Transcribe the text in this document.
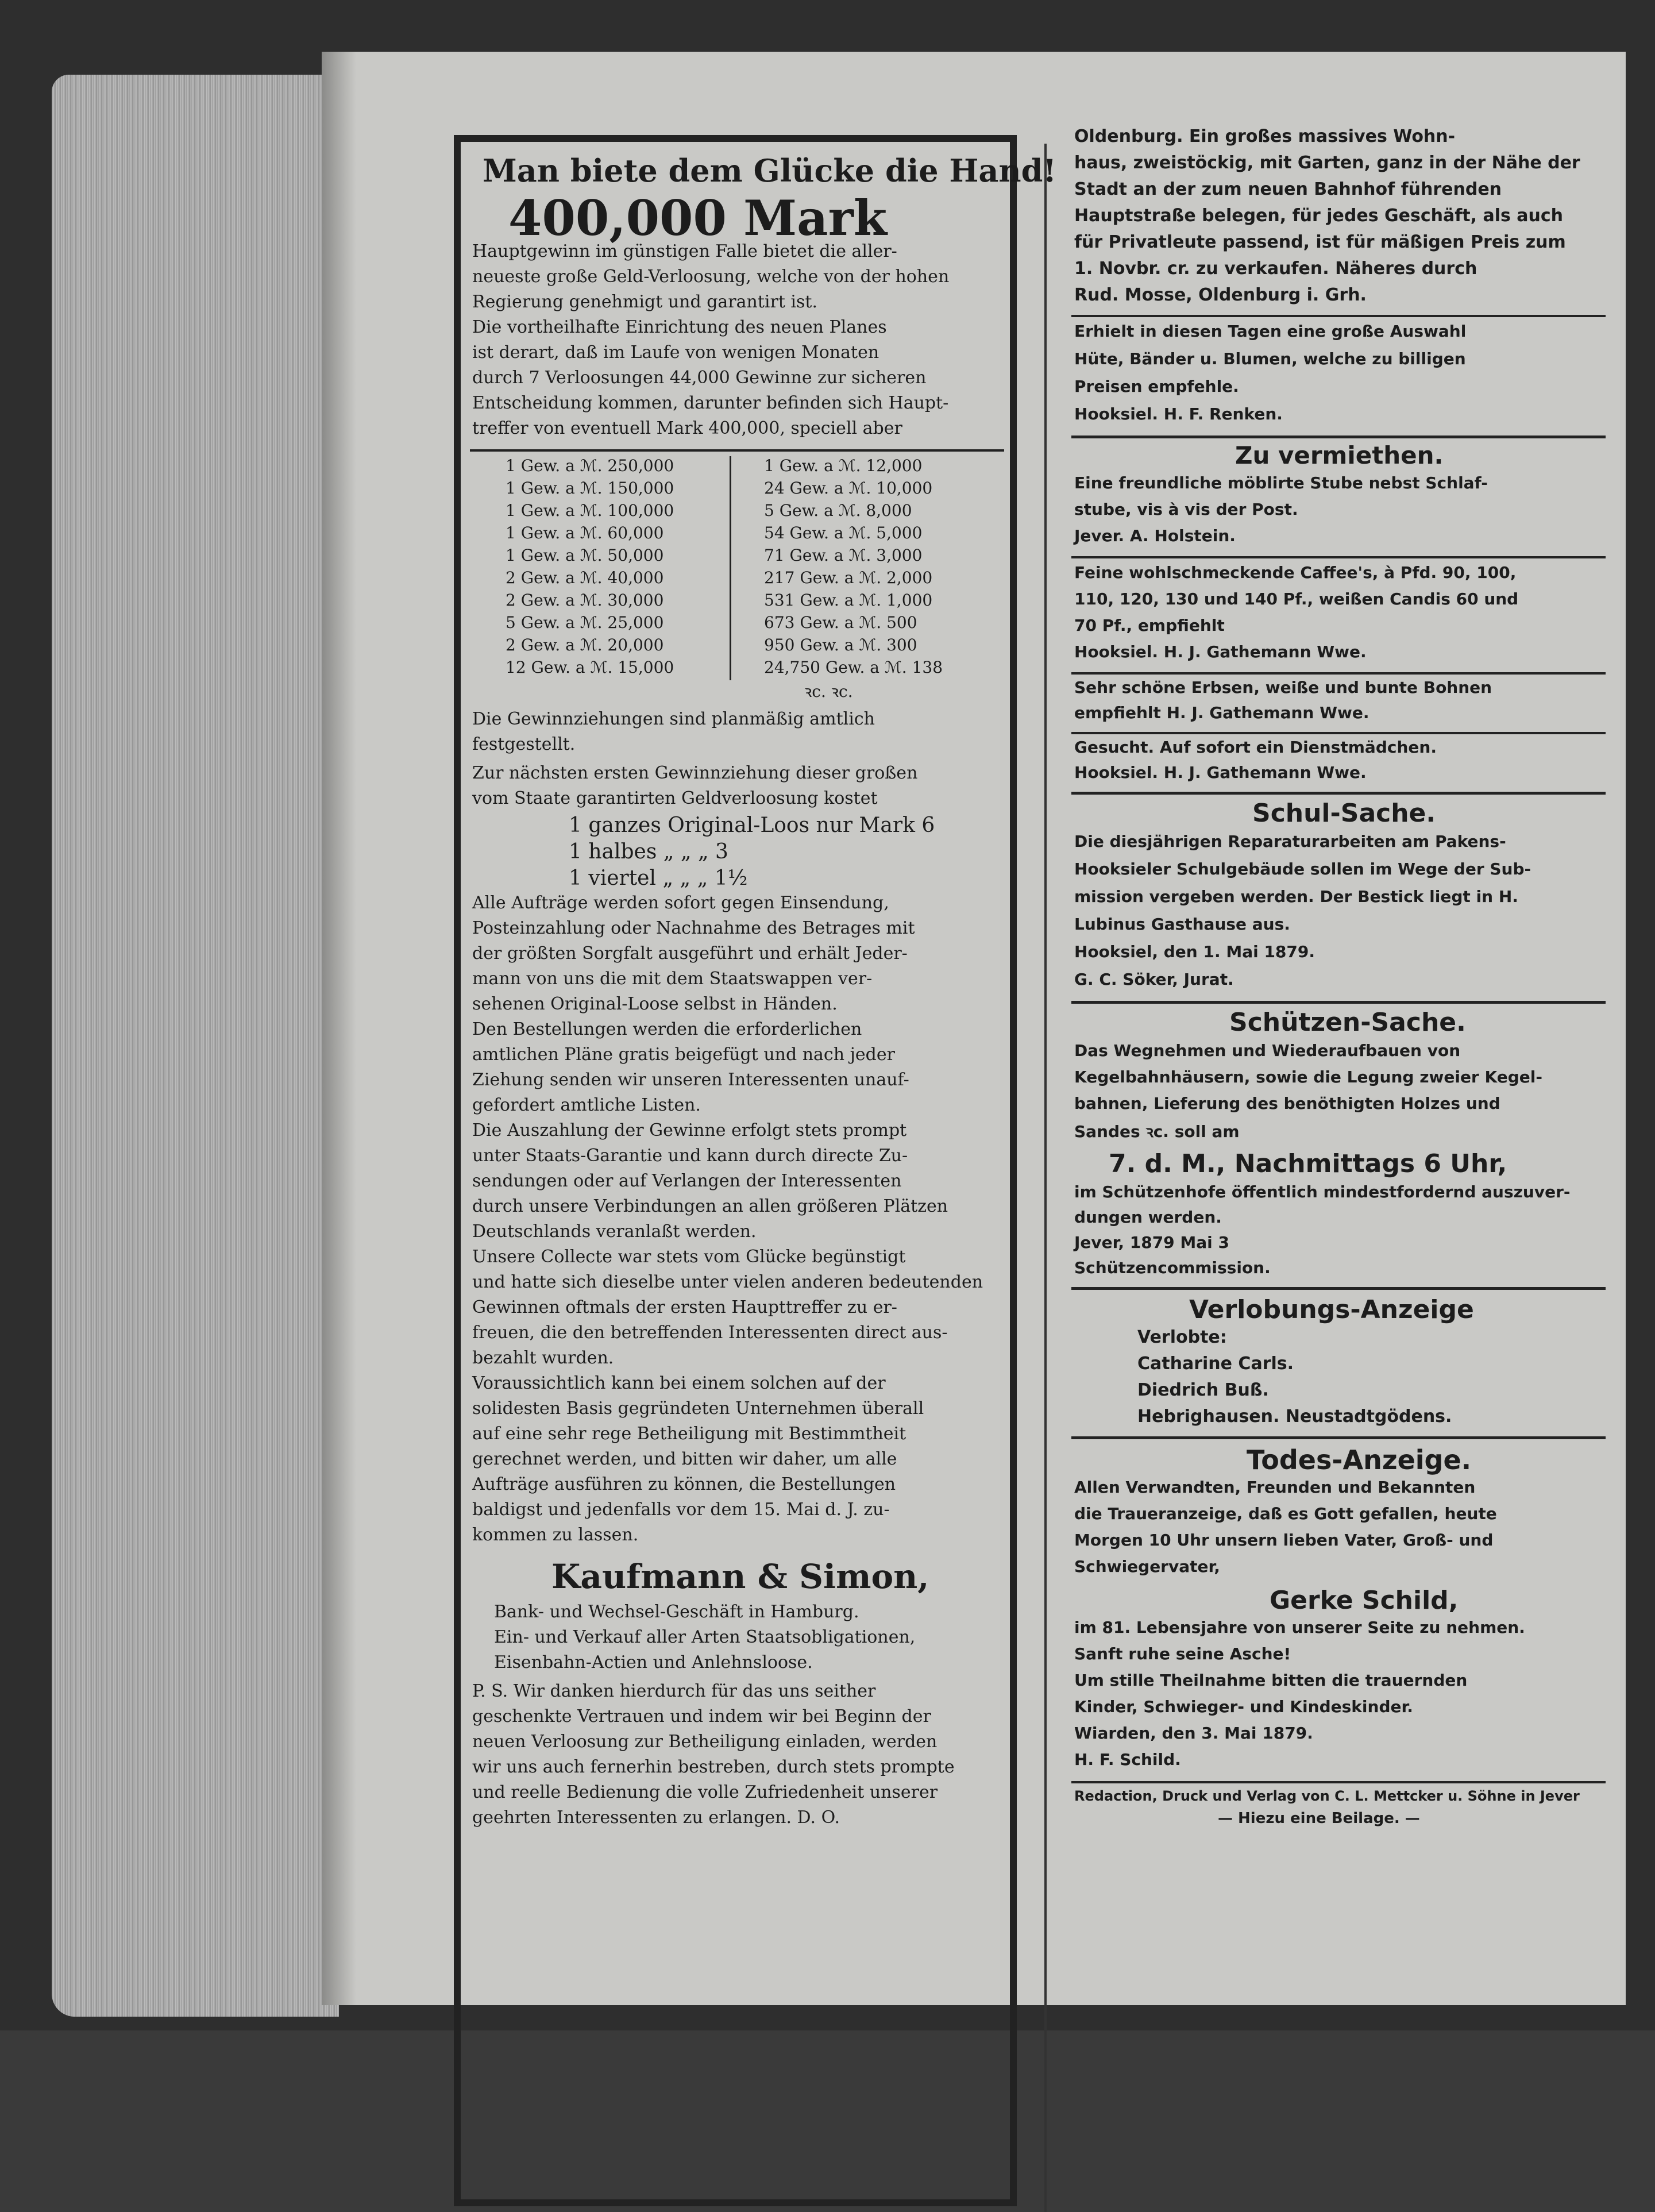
Man biete dem Glücke die Hand!
400,000 Mark
Hauptgewinn im günstigen Falle bietet die aller-
neueste große Geld-Verloosung, welche von der hohen
Regierung genehmigt und garantirt ist.
Die vortheilhafte Einrichtung des neuen Planes
ist derart, daß im Laufe von wenigen Monaten
durch 7 Verloosungen 44,000 Gewinne zur sicheren
Entscheidung kommen, darunter befinden sich Haupt-
treffer von eventuell Mark 400,000, speciell aber
1 Gew. a ℳ. 250,000
1 Gew. a ℳ. 150,000
1 Gew. a ℳ. 100,000
1 Gew. a ℳ. 60,000
1 Gew. a ℳ. 50,000
2 Gew. a ℳ. 40,000
2 Gew. a ℳ. 30,000
5 Gew. a ℳ. 25,000
2 Gew. a ℳ. 20,000
12 Gew. a ℳ. 15,000
1 Gew. a ℳ. 12,000
24 Gew. a ℳ. 10,000
5 Gew. a ℳ. 8,000
54 Gew. a ℳ. 5,000
71 Gew. a ℳ. 3,000
217 Gew. a ℳ. 2,000
531 Gew. a ℳ. 1,000
673 Gew. a ℳ. 500
950 Gew. a ℳ. 300
24,750 Gew. a ℳ. 138
ꝛc. ꝛc.
Die Gewinnziehungen sind planmäßig amtlich
festgestellt.
Zur nächsten ersten Gewinnziehung dieser großen
vom Staate garantirten Geldverloosung kostet
1 ganzes Original-Loos nur Mark 6
1 halbes „ „ „ 3
1 viertel „ „ „ 1½
Alle Aufträge werden sofort gegen Einsendung,
Posteinzahlung oder Nachnahme des Betrages mit
der größten Sorgfalt ausgeführt und erhält Jeder-
mann von uns die mit dem Staatswappen ver-
sehenen Original-Loose selbst in Händen.
Den Bestellungen werden die erforderlichen
amtlichen Pläne gratis beigefügt und nach jeder
Ziehung senden wir unseren Interessenten unauf-
gefordert amtliche Listen.
Die Auszahlung der Gewinne erfolgt stets prompt
unter Staats-Garantie und kann durch directe Zu-
sendungen oder auf Verlangen der Interessenten
durch unsere Verbindungen an allen größeren Plätzen
Deutschlands veranlaßt werden.
Unsere Collecte war stets vom Glücke begünstigt
und hatte sich dieselbe unter vielen anderen bedeutenden
Gewinnen oftmals der ersten Haupttreffer zu er-
freuen, die den betreffenden Interessenten direct aus-
bezahlt wurden.
Voraussichtlich kann bei einem solchen auf der
solidesten Basis gegründeten Unternehmen überall
auf eine sehr rege Betheiligung mit Bestimmtheit
gerechnet werden, und bitten wir daher, um alle
Aufträge ausführen zu können, die Bestellungen
baldigst und jedenfalls vor dem 15. Mai d. J. zu-
kommen zu lassen.
Kaufmann & Simon,
Bank- und Wechsel-Geschäft in Hamburg.
Ein- und Verkauf aller Arten Staatsobligationen,
Eisenbahn-Actien und Anlehnsloose.
P. S. Wir danken hierdurch für das uns seither
geschenkte Vertrauen und indem wir bei Beginn der
neuen Verloosung zur Betheiligung einladen, werden
wir uns auch fernerhin bestreben, durch stets prompte
und reelle Bedienung die volle Zufriedenheit unserer
geehrten Interessenten zu erlangen. D. O.
Oldenburg. Ein großes massives Wohn-
haus, zweistöckig, mit Garten, ganz in der Nähe der
Stadt an der zum neuen Bahnhof führenden
Hauptstraße belegen, für jedes Geschäft, als auch
für Privatleute passend, ist für mäßigen Preis zum
1. Novbr. cr. zu verkaufen. Näheres durch
Rud. Mosse, Oldenburg i. Grh.
Erhielt in diesen Tagen eine große Auswahl
Hüte, Bänder u. Blumen, welche zu billigen
Preisen empfehle.
Hooksiel. H. F. Renken.
Zu vermiethen.
Eine freundliche möblirte Stube nebst Schlaf-
stube, vis à vis der Post.
Jever. A. Holstein.
Feine wohlschmeckende Caffee's, à Pfd. 90, 100,
110, 120, 130 und 140 Pf., weißen Candis 60 und
70 Pf., empfiehlt
Hooksiel. H. J. Gathemann Wwe.
Sehr schöne Erbsen, weiße und bunte Bohnen
empfiehlt H. J. Gathemann Wwe.
Gesucht. Auf sofort ein Dienstmädchen.
Hooksiel. H. J. Gathemann Wwe.
Schul-Sache.
Die diesjährigen Reparaturarbeiten am Pakens-
Hooksieler Schulgebäude sollen im Wege der Sub-
mission vergeben werden. Der Bestick liegt in H.
Lubinus Gasthause aus.
Hooksiel, den 1. Mai 1879.
G. C. Söker, Jurat.
Schützen-Sache.
Das Wegnehmen und Wiederaufbauen von
Kegelbahnhäusern, sowie die Legung zweier Kegel-
bahnen, Lieferung des benöthigten Holzes und
Sandes ꝛc. soll am
7. d. M., Nachmittags 6 Uhr,
im Schützenhofe öffentlich mindestfordernd auszuver-
dungen werden.
Jever, 1879 Mai 3
Schützencommission.
Verlobungs-Anzeige
Verlobte:
Catharine Carls.
Diedrich Buß.
Hebrighausen. Neustadtgödens.
Todes-Anzeige.
Allen Verwandten, Freunden und Bekannten
die Traueranzeige, daß es Gott gefallen, heute
Morgen 10 Uhr unsern lieben Vater, Groß- und
Schwiegervater,
Gerke Schild,
im 81. Lebensjahre von unserer Seite zu nehmen.
Sanft ruhe seine Asche!
Um stille Theilnahme bitten die trauernden
Kinder, Schwieger- und Kindeskinder.
Wiarden, den 3. Mai 1879.
H. F. Schild.
Redaction, Druck und Verlag von C. L. Mettcker u. Söhne in Jever
— Hiezu eine Beilage. —
